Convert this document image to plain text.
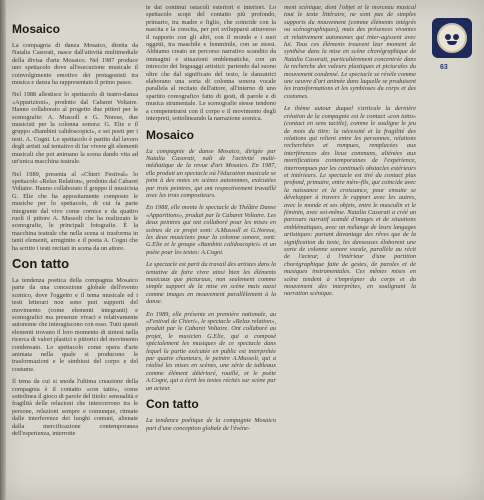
Mosaico

La compagnia di danza Mosaico, diretta da Natalia Casorati, nasce dall'attività multimediale della divisa d'arte Mosaico. Nel 1987 produce uno spettacolo dove all'esecuzione musicale il coinvolgimento emotivo dei protagonisti tra musica e danza ha rappresentato il primo passo.

Nel 1988 allestisce lo spettacolo di teatro-danza «Apparizioni», prodotto dal Cabaret Voltaire. Hanno collaborato al progetto due pittori per le scenografie: A. Mussoll e G. Norese, due musicisti per la colonna sonora: G. Elie e il gruppo «Bambini calidoscopici», e sei poeti per i testi. A. Cogni. Lo spettacolo è partito dal lavoro degli artisti sul tentativo di far vivere gli elementi musicali che poi animano la scena dando vita ad un'unica macchina teatrale.

Nel 1989, presenta al «Chieri Festival» lo spettacolo «Relax Relation», prodotto dal Cabaret Voltaire. Hanno collaborato il gruppo il musicista G. Elie che ha appositamente composto le musiche per lo spettacolo, di cui fa parte integrante dal vivo come cornice e da quattro ruoli il pittore A. Mussoli che ha realizzato le scenografie, le principali fotografie. È la macchina teatrale che nella scena si trasforma in tanti elementi, arruginito e il poeta A. Cogni che ha scritto i testi recitati in scena da un attore.

Con tatto

La tendenza poetica della compagnia Mosaico parte da una concezione globale dell'evento scenico, dove l'oggetto e il tema musicale ed i testi letterari non sono puri supporti del movimento (come elementi integranti) e scenografici ma presenze vivaci e relativamente autonome che interagiscono con esso. Tutti questi elementi trovano il loro momento di sintesi nella ricerca di valori plastici e pittorici del movimento condensato. Lo spettacolo come opera d'arte animata nella quale si producono le trasformazioni e le simbiosi del corpo e del costume.

Il tema da cui si snoda l'ultima creazione della compagnia è il contatto «con tatto», come sottolinea il gioco di parole del titolo: sensualità e fragilità delle relazioni che intercorrono tra le persone, relazioni sempre e comunque, ritmate dalle interferenze dei luoghi comuni, alienate dalla mercificazione contemporanea dell'esperienza, interrotte

te dai continui ostacoli esteriori e interiori. Lo spettacolo scopi del contatto più profondo, primario, tra madre e figlio, che coincide con la nascita e la crescita, per poi svilupparsi attraverso il rapporto con gli altri, con il mondo e i suoi oggetti, tra maschile e femminile, con se stessi. Abbiamo creato un percorso narrativo scandito da immagini e situazioni emblematiche, con un intreccio dei linguaggi artistici: partendo dal suono oltre che dal significato del testo, le danzatrici elaborano una sorta di colonna sonora vocale parallela al recitato dell'attore, all'interno di uno spartito coreografico fatto di gesti, di parole e di musica strumentale. Le scenografie stesse tendono a compenetrarsi con il corpo e il movimento degli interpreti, sottolineando la narrazione scenica.

Mosaico

La compagnie de danse Mosaico, dirigée par Natalia Casorati, naît de l'activité multi-médiatique de la revue d'art Mosaico. En 1987, elle produit un spectacle où l'éducation musicale se joint à des notes en scènes autonomes, exécutées par trois peintres, qui ont respectivement travaillé avec les trois compositeurs.

En 1988, elle monte le spectacle de Théâtre Danse «Apparitions», produit par le Cabaret Voltaire. Les deux peintres qui ont collaboré pour les mises en scènes de ce projet sont: A.Mussoll et G.Norese, les deux musiciens pour la colonne sonore, sont: G.Elie et le groupe «Bambini calidoscopici» et un poète pour les textes: A.Cogni.

Le spectacle est parti du travail des artistes dans la tentative de faire vivre ainsi bien les éléments musicaux que picturaux, non seulement comme simple support de la mise en scène mais aussi comme images en mouvement parallèlement à la danse.

En 1989, elle présente en première nationale, au «Festival de Chieri», le spectacle «Relax relation», produit par le Cabaret Voltaire. Ont collaboré au projet, le musicien G.Elie, qui a composé spécialement les musiques de ce spectacle dans lequel la partie exécutée en public est interprétée par quatre chanteurs, le peintre A.Mussoli, qui a réalisé les mises en scènes, une série de tableaux comme élément détérioré, rouillé, et le poète A.Cogni, qui a écrit les textes récités sur scène par un acteur.

Con tatto

La tendance poétique de la compagnie Mosaico part d'une conception globale de l'événe-

ment scénique, dont l'objet et le morceau musical tout le texte littéraire, ne sont pas de simples supports du mouvement (comme éléments intégrés ou scénographiques), mais des présences vivantes et relativement autonomes qui inter-agissent avec lui. Tous ces éléments trouvent leur moment de synthèse dans la mise en scène chorégraphique de Natalia Casorati, particulièrement concentrée dans la recherche des valeurs plastiques et picturales du mouvement condensé. Le spectacle se révèle comme une oeuvre d'art animée dans laquelle se produisent les transformations et les symbioses du corps et des costumes.

Le thème autour duquel s'articule la dernière création de la compagnie est le contact «con tatto» (contact en sens tactile), comme le souligne le jeu de mots du titre: la nécessité et la fragilité des relations qui relient entre les personnes, relations recherchées et rompues, remplacées aux interférences des lieux communs, aliénées aux mortifications contemporaines de l'expérience, interrompues par les continuels obstacles extérieurs et intérieurs. Le spectacle est tiré du contact plus profond, primaire, entre mère-fils, qui coïncide avec la naissance et la croissance, pour ensuite se développer à travers le rapport avec les autres, avec le monde et ses objets, entre le masculin et le féminin, avec soi-même. Natalia Casorati a créé un parcours narratif scandé d'images et de situations emblématiques, avec un mélange de leurs langages artistiques: partant davantage des rêves que de la signification du texte, les danseuses élaborent une sorte de colonne sonore vocale, parallèle au récit de l'acteur, à l'intérieur d'une partition chorégraphique faite de gestes, de paroles et de musiques instrumentales. Ces mêmes mises en scène tendent à s'imprégner du corps et du mouvement des interprètes, en soulignant la narration scénique.

63
